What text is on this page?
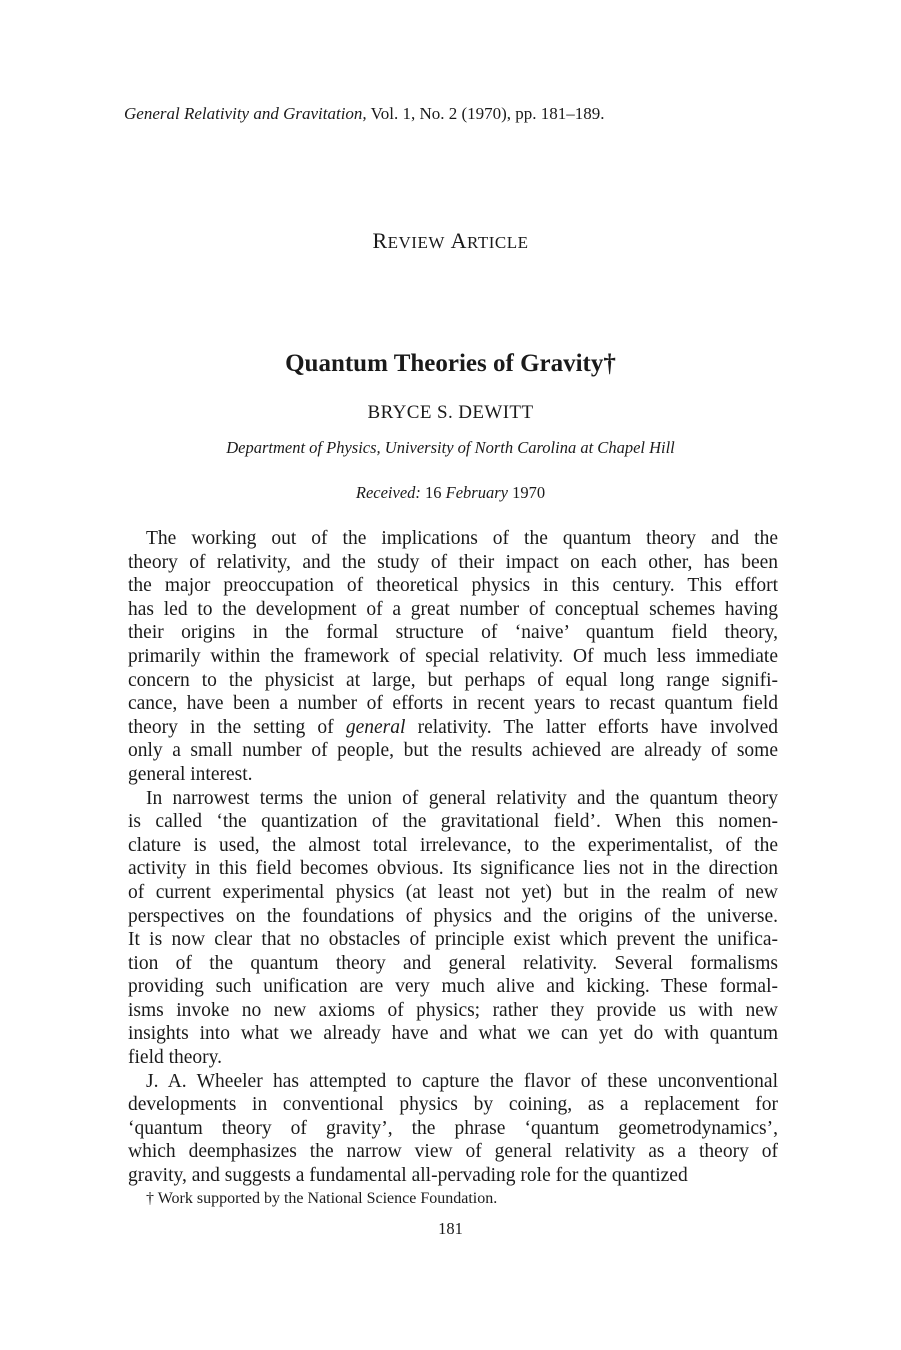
General Relativity and Gravitation, Vol. 1, No. 2 (1970), pp. 181–189.
REVIEW ARTICLE
Quantum Theories of Gravity†
BRYCE S. DEWITT
Department of Physics, University of North Carolina at Chapel Hill
Received: 16 February 1970
The working out of the implications of the quantum theory and the
theory of relativity, and the study of their impact on each other, has been
the major preoccupation of theoretical physics in this century. This effort
has led to the development of a great number of conceptual schemes having
their origins in the formal structure of ‘naive’ quantum field theory,
primarily within the framework of special relativity. Of much less immediate
concern to the physicist at large, but perhaps of equal long range signifi-
cance, have been a number of efforts in recent years to recast quantum field
theory in the setting of general relativity. The latter efforts have involved
only a small number of people, but the results achieved are already of some
general interest.
In narrowest terms the union of general relativity and the quantum theory
is called ‘the quantization of the gravitational field’. When this nomen-
clature is used, the almost total irrelevance, to the experimentalist, of the
activity in this field becomes obvious. Its significance lies not in the direction
of current experimental physics (at least not yet) but in the realm of new
perspectives on the foundations of physics and the origins of the universe.
It is now clear that no obstacles of principle exist which prevent the unifica-
tion of the quantum theory and general relativity. Several formalisms
providing such unification are very much alive and kicking. These formal-
isms invoke no new axioms of physics; rather they provide us with new
insights into what we already have and what we can yet do with quantum
field theory.
J. A. Wheeler has attempted to capture the flavor of these unconventional
developments in conventional physics by coining, as a replacement for
‘quantum theory of gravity’, the phrase ‘quantum geometrodynamics’,
which deemphasizes the narrow view of general relativity as a theory of
gravity, and suggests a fundamental all-pervading role for the quantized
† Work supported by the National Science Foundation.
181
